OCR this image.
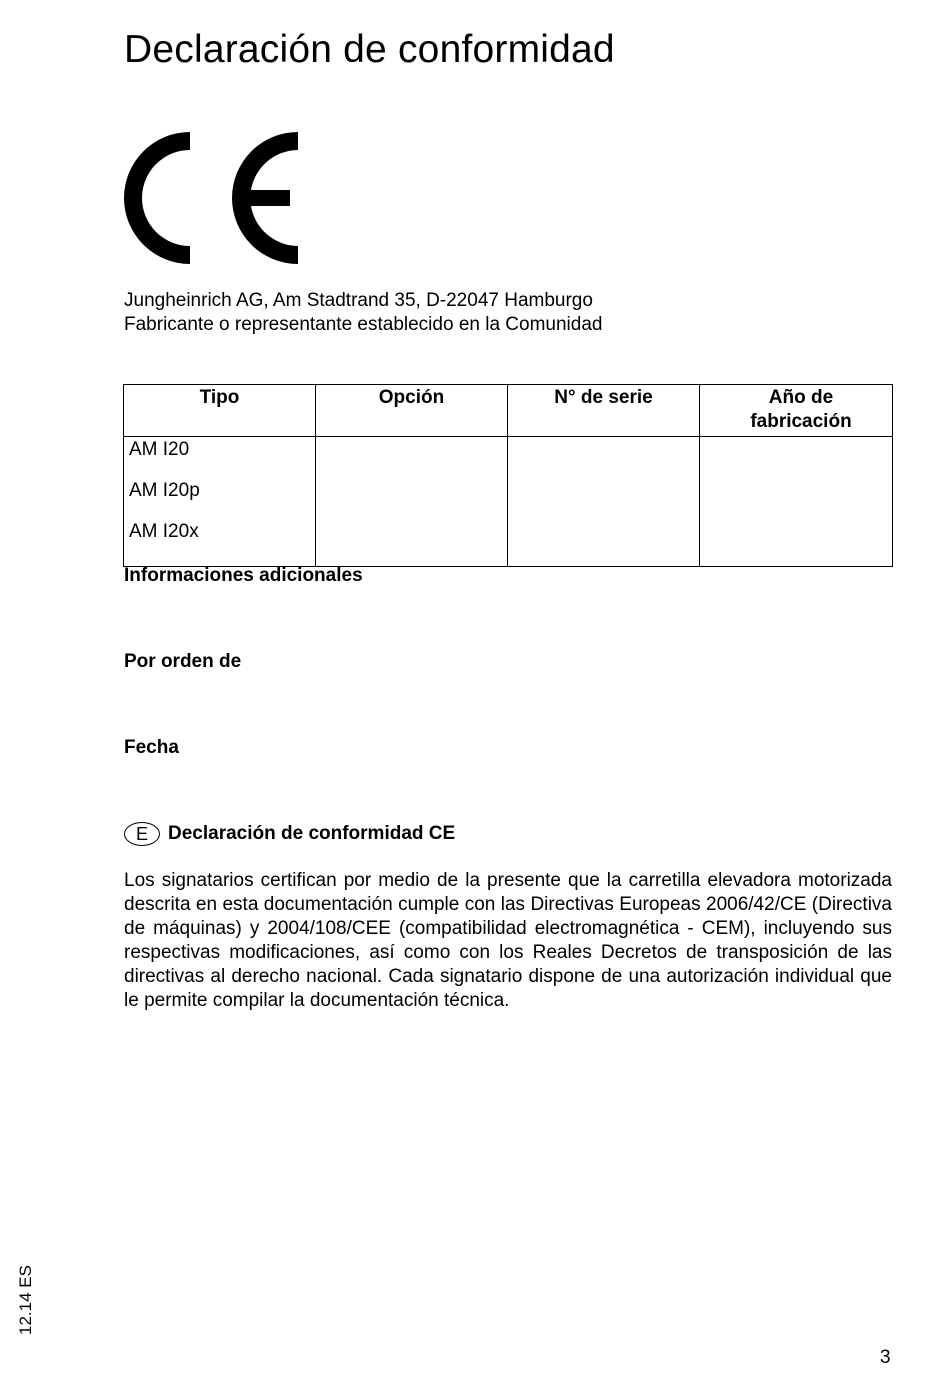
Declaración de conformidad
Jungheinrich AG, Am Stadtrand 35, D-22047 Hamburgo
Fabricante o representante establecido en la Comunidad
Tipo	Opción	N° de serie	Año de fabricación

AM I20
AM I20p
AM I20x			

Informaciones adicionales
Por orden de
Fecha
E	Declaración de conformidad CE

Los signatarios certifican por medio de la presente que la carretilla elevadora motorizada descrita en esta documentación cumple con las Directivas Europeas 2006/42/CE (Directiva de máquinas) y 2004/108/CEE (compatibilidad electromagnética - CEM), incluyendo sus respectivas modificaciones, así como con los Reales Decretos de transposición de las directivas al derecho nacional. Cada signatario dispone de una autorización individual que le permite compilar la documentación técnica.

12.14 ES
3
